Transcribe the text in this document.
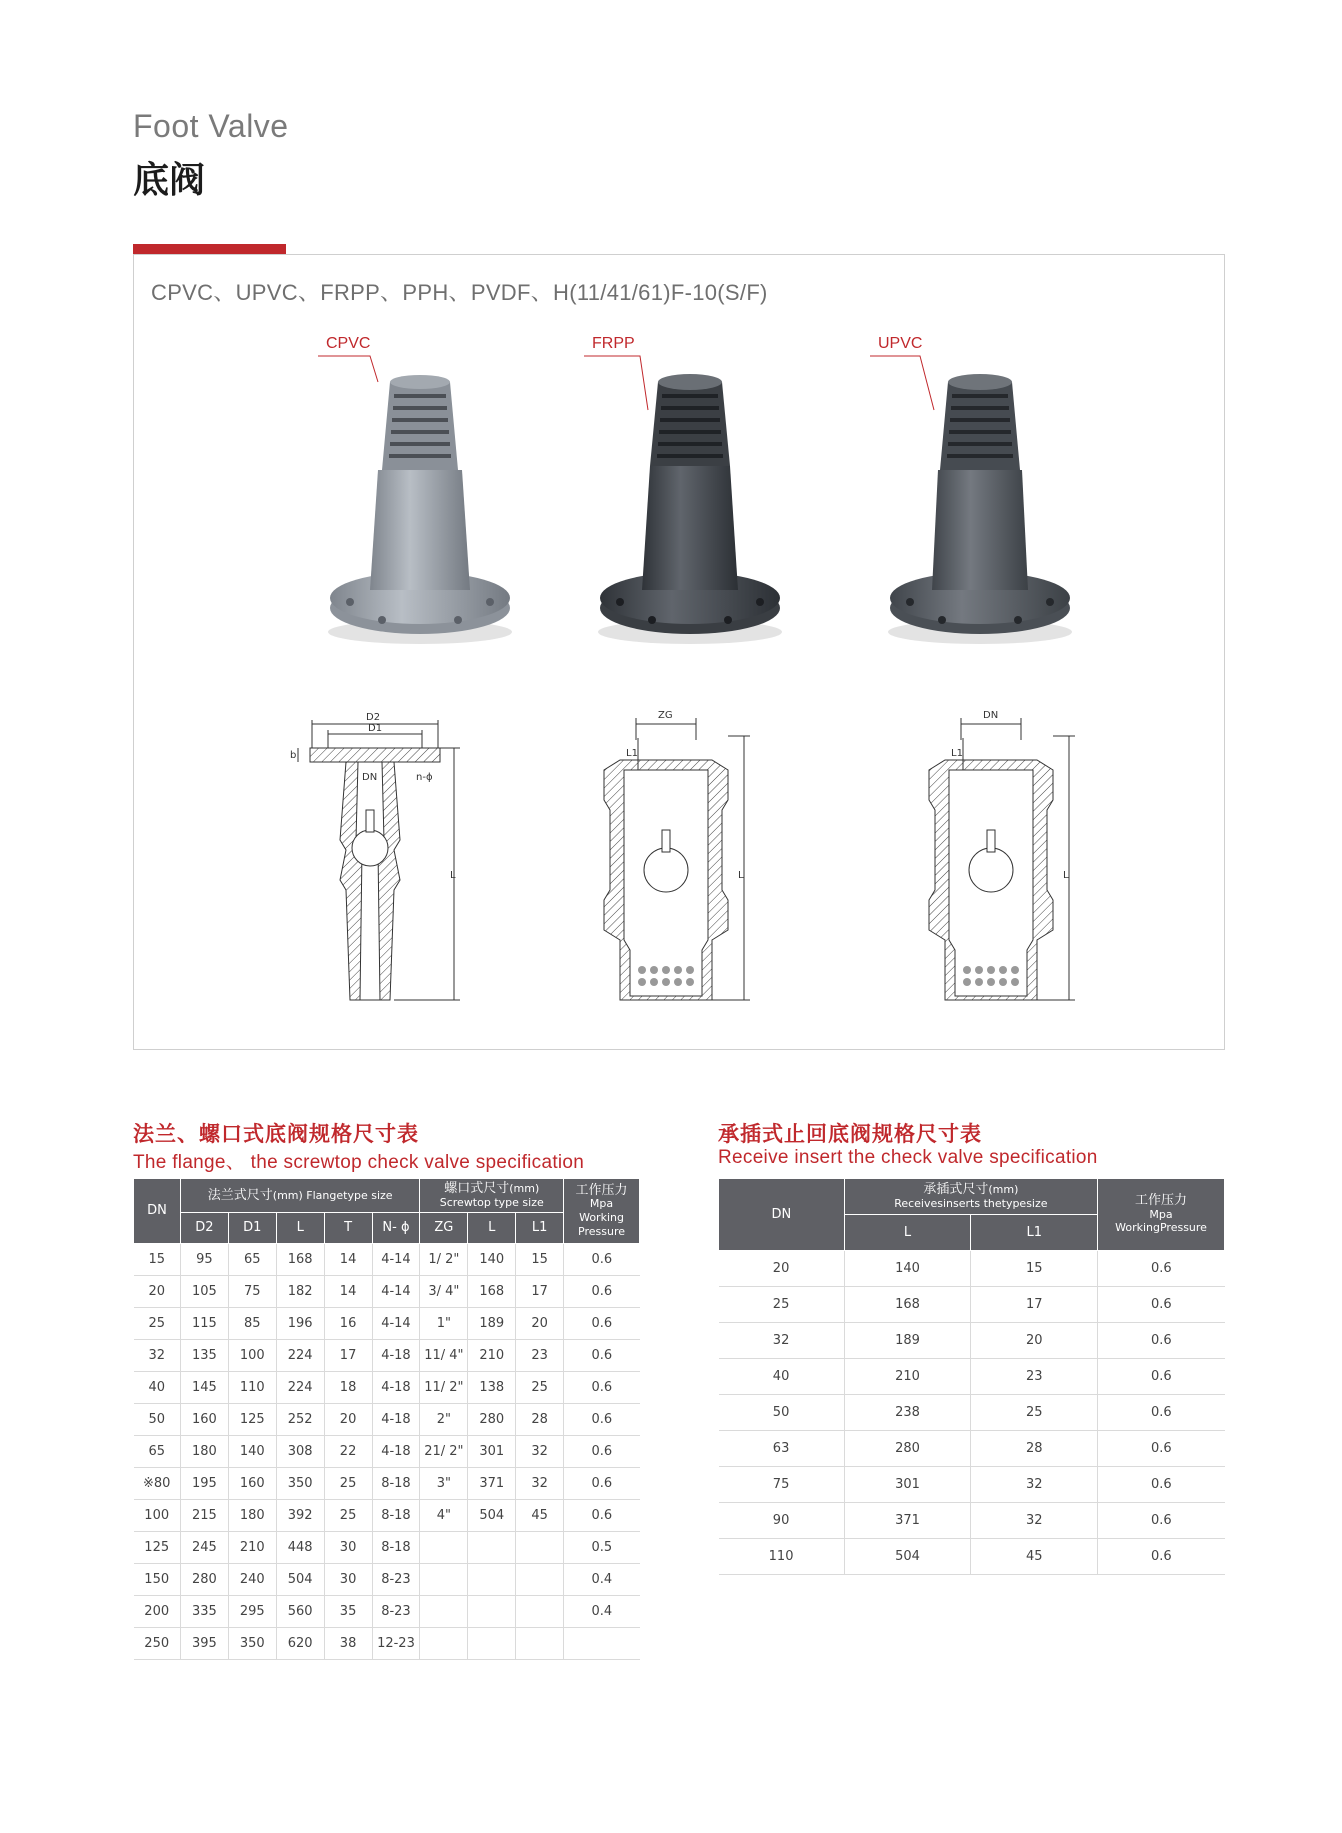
Foot Valve
底阀
CPVC、UPVC、FRPP、PPH、PVDF、H(11/41/61)F-10(S/F)
CPVC	FRPP	UPVC
D2
D1
DN
b
n-ϕ
L
ZG
L1
L
DN
L1
L
法兰、螺口式底阀规格尺寸表
The flange、 the screwtop check valve specification
DN	法兰式尺寸(mm) Flangetype size					螺口式尺寸(mm)
Screwtop type size			工作压力
Mpa
Working
Pressure
	D2	D1	L	T	N- ϕ	ZG	L	L1	
15	95	65	168	14	4-14	1/ 2"	140	15	0.6
20	105	75	182	14	4-14	3/ 4"	168	17	0.6
25	115	85	196	16	4-14	1"	189	20	0.6
32	135	100	224	17	4-18	11/ 4"	210	23	0.6
40	145	110	224	18	4-18	11/ 2"	138	25	0.6
50	160	125	252	20	4-18	2"	280	28	0.6
65	180	140	308	22	4-18	21/ 2"	301	32	0.6
※80	195	160	350	25	8-18	3"	371	32	0.6
100	215	180	392	25	8-18	4"	504	45	0.6
125	245	210	448	30	8-18				0.5
150	280	240	504	30	8-23				0.4
200	335	295	560	35	8-23				0.4
250	395	350	620	38	12-23				
承插式止回底阀规格尺寸表
Receive insert the check valve specification
DN	承插式尺寸(mm)
Receivesinserts thetypesize		工作压力
Mpa
WorkingPressure
	L	L1	
20	140	15	0.6
25	168	17	0.6
32	189	20	0.6
40	210	23	0.6
50	238	25	0.6
63	280	28	0.6
75	301	32	0.6
90	371	32	0.6
110	504	45	0.6
